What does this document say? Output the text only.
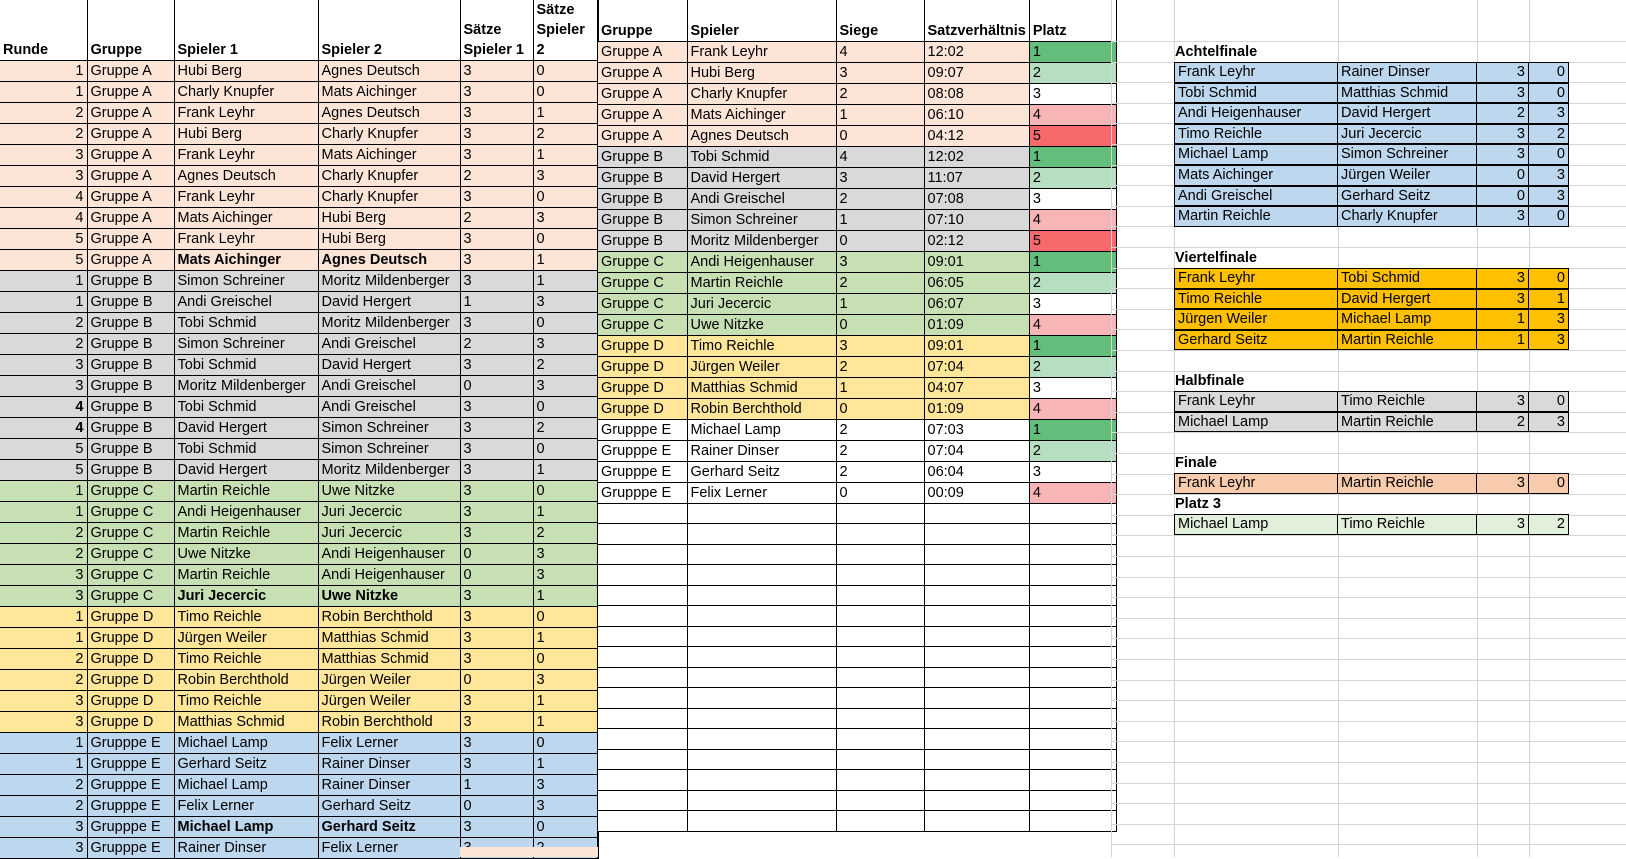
Runde	Gruppe	Spieler 1	Spieler 2	Sätze Spieler 1	Sätze Spieler 2
1	Gruppe A	Hubi Berg	Agnes Deutsch	3	0
1	Gruppe A	Charly Knupfer	Mats Aichinger	3	0
2	Gruppe A	Frank Leyhr	Agnes Deutsch	3	1
2	Gruppe A	Hubi Berg	Charly Knupfer	3	2
3	Gruppe A	Frank Leyhr	Mats Aichinger	3	1
3	Gruppe A	Agnes Deutsch	Charly Knupfer	2	3
4	Gruppe A	Frank Leyhr	Charly Knupfer	3	0
4	Gruppe A	Mats Aichinger	Hubi Berg	2	3
5	Gruppe A	Frank Leyhr	Hubi Berg	3	0
5	Gruppe A	Mats Aichinger	Agnes Deutsch	3	1
1	Gruppe B	Simon Schreiner	Moritz Mildenberger	3	1
1	Gruppe B	Andi Greischel	David Hergert	1	3
2	Gruppe B	Tobi Schmid	Moritz Mildenberger	3	0
2	Gruppe B	Simon Schreiner	Andi Greischel	2	3
3	Gruppe B	Tobi Schmid	David Hergert	3	2
3	Gruppe B	Moritz Mildenberger	Andi Greischel	0	3
4	Gruppe B	Tobi Schmid	Andi Greischel	3	0
4	Gruppe B	David Hergert	Simon Schreiner	3	2
5	Gruppe B	Tobi Schmid	Simon Schreiner	3	0
5	Gruppe B	David Hergert	Moritz Mildenberger	3	1
1	Gruppe C	Martin Reichle	Uwe Nitzke	3	0
1	Gruppe C	Andi Heigenhauser	Juri Jecercic	3	1
2	Gruppe C	Martin Reichle	Juri Jecercic	3	2
2	Gruppe C	Uwe Nitzke	Andi Heigenhauser	0	3
3	Gruppe C	Martin Reichle	Andi Heigenhauser	0	3
3	Gruppe C	Juri Jecercic	Uwe Nitzke	3	1
1	Gruppe D	Timo Reichle	Robin Berchthold	3	0
1	Gruppe D	Jürgen Weiler	Matthias Schmid	3	1
2	Gruppe D	Timo Reichle	Matthias Schmid	3	0
2	Gruppe D	Robin Berchthold	Jürgen Weiler	0	3
3	Gruppe D	Timo Reichle	Jürgen Weiler	3	1
3	Gruppe D	Matthias Schmid	Robin Berchthold	3	1
1	Grupppe E	Michael Lamp	Felix Lerner	3	0
1	Grupppe E	Gerhard Seitz	Rainer Dinser	3	1
2	Grupppe E	Michael Lamp	Rainer Dinser	1	3
2	Grupppe E	Felix Lerner	Gerhard Seitz	0	3
3	Grupppe E	Michael Lamp	Gerhard Seitz	3	0
3	Grupppe E	Rainer Dinser	Felix Lerner		
Gruppe	Spieler	Siege	Satzverhältnis	Platz
Gruppe A	Frank Leyhr	4	12:02	1
Gruppe A	Hubi Berg	3	09:07	2
Gruppe A	Charly Knupfer	2	08:08	3
Gruppe A	Mats Aichinger	1	06:10	4
Gruppe A	Agnes Deutsch	0	04:12	5
Gruppe B	Tobi Schmid	4	12:02	1
Gruppe B	David Hergert	3	11:07	2
Gruppe B	Andi Greischel	2	07:08	3
Gruppe B	Simon Schreiner	1	07:10	4
Gruppe B	Moritz Mildenberger	0	02:12	5
Gruppe C	Andi Heigenhauser	3	09:01	1
Gruppe C	Martin Reichle	2	06:05	2
Gruppe C	Juri Jecercic	1	06:07	3
Gruppe C	Uwe Nitzke	0	01:09	4
Gruppe D	Timo Reichle	3	09:01	1
Gruppe D	Jürgen Weiler	2	07:04	2
Gruppe D	Matthias Schmid	1	04:07	3
Gruppe D	Robin Berchthold	0	01:09	4
Grupppe E	Michael Lamp	2	07:03	1
Grupppe E	Rainer Dinser	2	07:04	2
Grupppe E	Gerhard Seitz	2	06:04	3
Grupppe E	Felix Lerner	0	00:09	4

Achtelfinale
Frank Leyhr	Rainer Dinser	3	0
Tobi Schmid	Matthias Schmid	3	0
Andi Heigenhauser	David Hergert	2	3
Timo Reichle	Juri Jecercic	3	2
Michael Lamp	Simon Schreiner	3	0
Mats Aichinger	Jürgen Weiler	0	3
Andi Greischel	Gerhard Seitz	0	3
Martin Reichle	Charly Knupfer	3	0
Viertelfinale
Frank Leyhr	Tobi Schmid	3	0
Timo Reichle	David Hergert	3	1
Jürgen Weiler	Michael Lamp	1	3
Gerhard Seitz	Martin Reichle	1	3
Halbfinale
Frank Leyhr	Timo Reichle	3	0
Michael Lamp	Martin Reichle	2	3
Finale
Frank Leyhr	Martin Reichle	3	0
Platz 3
Michael Lamp	Timo Reichle	3	2
